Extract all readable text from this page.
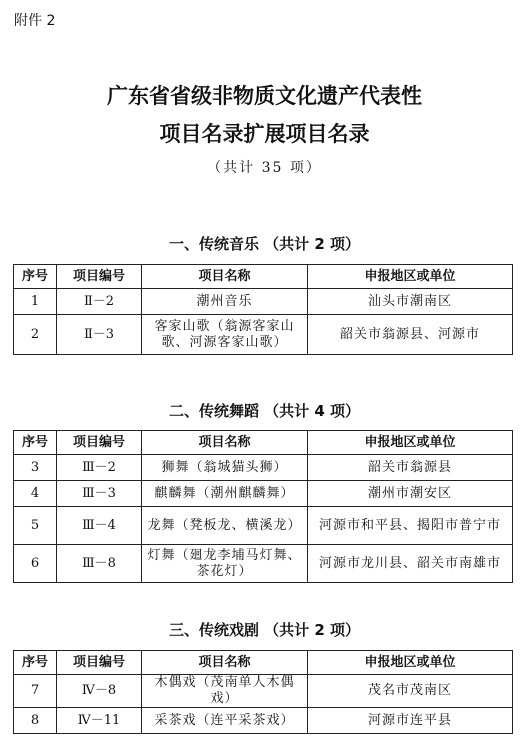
附件 2
广东省省级非物质文化遗产代表性
项目名录扩展项目名录
（共计 35 项）
一、传统音乐 （共计 2 项）
序号	项目编号	项目名称	申报地区或单位
1	Ⅱ－2	潮州音乐	汕头市潮南区
2	Ⅱ－3	客家山歌（翁源客家山歌、河源客家山歌）	韶关市翁源县、河源市
二、传统舞蹈 （共计 4 项）
序号	项目编号	项目名称	申报地区或单位
3	Ⅲ－2	狮舞（翁城猫头狮）	韶关市翁源县
4	Ⅲ－3	麒麟舞（潮州麒麟舞）	潮州市潮安区
5	Ⅲ－4	龙舞（凳板龙、横溪龙）	河源市和平县、揭阳市普宁市
6	Ⅲ－8	灯舞（廻龙李埔马灯舞、茶花灯）	河源市龙川县、韶关市南雄市
三、传统戏剧 （共计 2 项）
序号	项目编号	项目名称	申报地区或单位
7	Ⅳ－8	木偶戏（茂南单人木偶戏）	茂名市茂南区
8	Ⅳ－11	采茶戏（连平采茶戏）	河源市连平县
